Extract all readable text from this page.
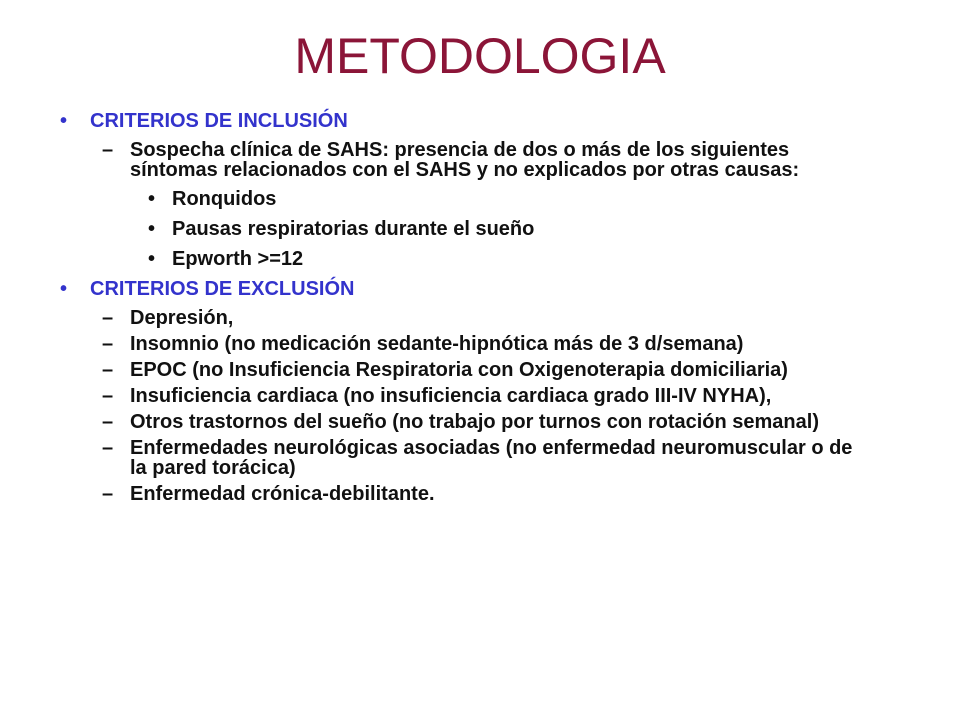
METODOLOGIA
• CRITERIOS DE INCLUSIÓN
– Sospecha clínica de SAHS: presencia de dos o más de los siguientes síntomas relacionados con el SAHS y no explicados por otras causas:
• Ronquidos
• Pausas respiratorias durante el sueño
• Epworth >=12
• CRITERIOS DE EXCLUSIÓN
– Depresión,
– Insomnio (no medicación sedante-hipnótica más de 3 d/semana)
– EPOC (no Insuficiencia Respiratoria con Oxigenoterapia domiciliaria)
– Insuficiencia cardiaca (no insuficiencia cardiaca grado III-IV NYHA),
– Otros trastornos del sueño (no trabajo por turnos con rotación semanal)
– Enfermedades neurológicas asociadas (no enfermedad neuromuscular o de la pared torácica)
– Enfermedad crónica-debilitante.
